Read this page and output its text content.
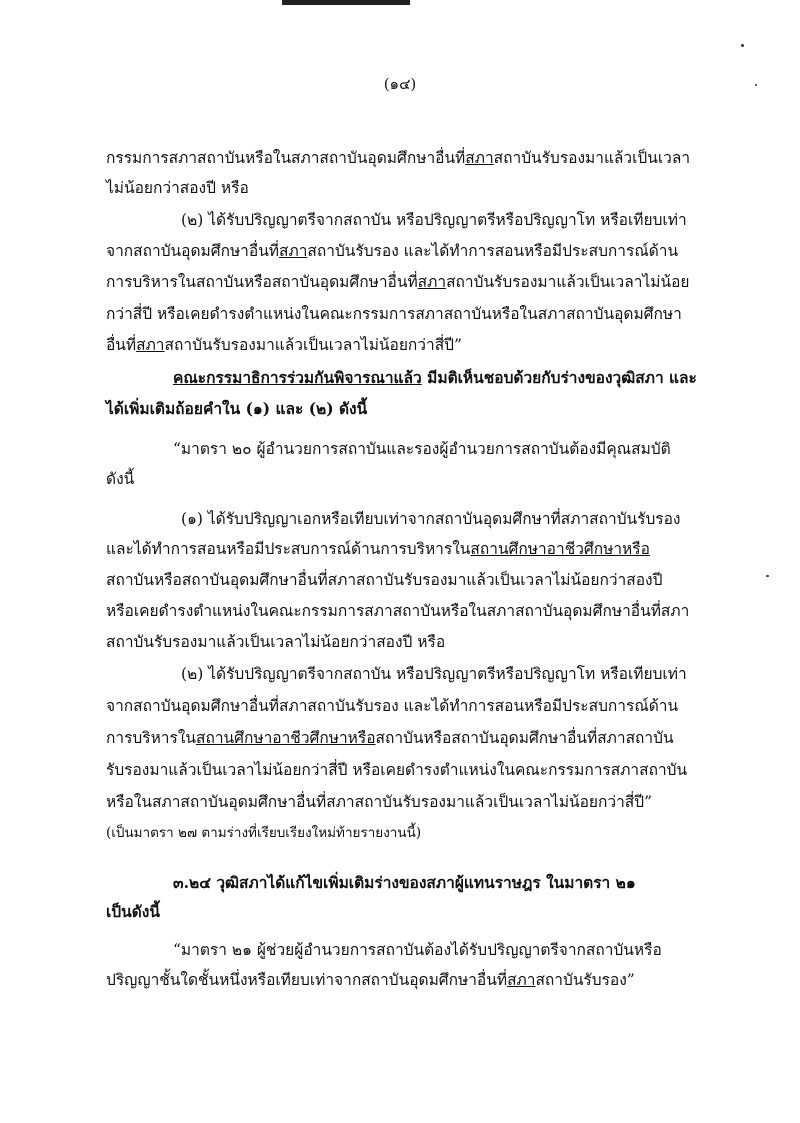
(๑๔)
กรรมการสภาสถาบันหรือในสภาสถาบันอุดมศึกษาอื่นที่สภาสถาบันรับรองมาแล้วเป็นเวลา
ไม่น้อยกว่าสองปี หรือ
(๒) ได้รับปริญญาตรีจากสถาบัน หรือปริญญาตรีหรือปริญญาโท หรือเทียบเท่า
จากสถาบันอุดมศึกษาอื่นที่สภาสถาบันรับรอง และได้ทำการสอนหรือมีประสบการณ์ด้าน
การบริหารในสถาบันหรือสถาบันอุดมศึกษาอื่นที่สภาสถาบันรับรองมาแล้วเป็นเวลาไม่น้อย
กว่าสี่ปี หรือเคยดำรงตำแหน่งในคณะกรรมการสภาสถาบันหรือในสภาสถาบันอุดมศึกษา
อื่นที่สภาสถาบันรับรองมาแล้วเป็นเวลาไม่น้อยกว่าสี่ปี”
คณะกรรมาธิการร่วมกันพิจารณาแล้ว มีมติเห็นชอบด้วยกับร่างของวุฒิสภา และ
ได้เพิ่มเติมถ้อยคำใน (๑) และ (๒) ดังนี้
“มาตรา ๒๐ ผู้อำนวยการสถาบันและรองผู้อำนวยการสถาบันต้องมีคุณสมบัติ
ดังนี้
(๑) ได้รับปริญญาเอกหรือเทียบเท่าจากสถาบันอุดมศึกษาที่สภาสถาบันรับรอง
และได้ทำการสอนหรือมีประสบการณ์ด้านการบริหารในสถานศึกษาอาชีวศึกษาหรือ
สถาบันหรือสถาบันอุดมศึกษาอื่นที่สภาสถาบันรับรองมาแล้วเป็นเวลาไม่น้อยกว่าสองปี
หรือเคยดำรงตำแหน่งในคณะกรรมการสภาสถาบันหรือในสภาสถาบันอุดมศึกษาอื่นที่สภา
สถาบันรับรองมาแล้วเป็นเวลาไม่น้อยกว่าสองปี หรือ
(๒) ได้รับปริญญาตรีจากสถาบัน หรือปริญญาตรีหรือปริญญาโท หรือเทียบเท่า
จากสถาบันอุดมศึกษาอื่นที่สภาสถาบันรับรอง และได้ทำการสอนหรือมีประสบการณ์ด้าน
การบริหารในสถานศึกษาอาชีวศึกษาหรือสถาบันหรือสถาบันอุดมศึกษาอื่นที่สภาสถาบัน
รับรองมาแล้วเป็นเวลาไม่น้อยกว่าสี่ปี หรือเคยดำรงตำแหน่งในคณะกรรมการสภาสถาบัน
หรือในสภาสถาบันอุดมศึกษาอื่นที่สภาสถาบันรับรองมาแล้วเป็นเวลาไม่น้อยกว่าสี่ปี”
(เป็นมาตรา ๒๗ ตามร่างที่เรียบเรียงใหม่ท้ายรายงานนี้)
๓.๒๔ วุฒิสภาได้แก้ไขเพิ่มเติมร่างของสภาผู้แทนราษฎร ในมาตรา ๒๑
เป็นดังนี้
“มาตรา ๒๑ ผู้ช่วยผู้อำนวยการสถาบันต้องได้รับปริญญาตรีจากสถาบันหรือ
ปริญญาชั้นใดชั้นหนึ่งหรือเทียบเท่าจากสถาบันอุดมศึกษาอื่นที่สภาสถาบันรับรอง”
